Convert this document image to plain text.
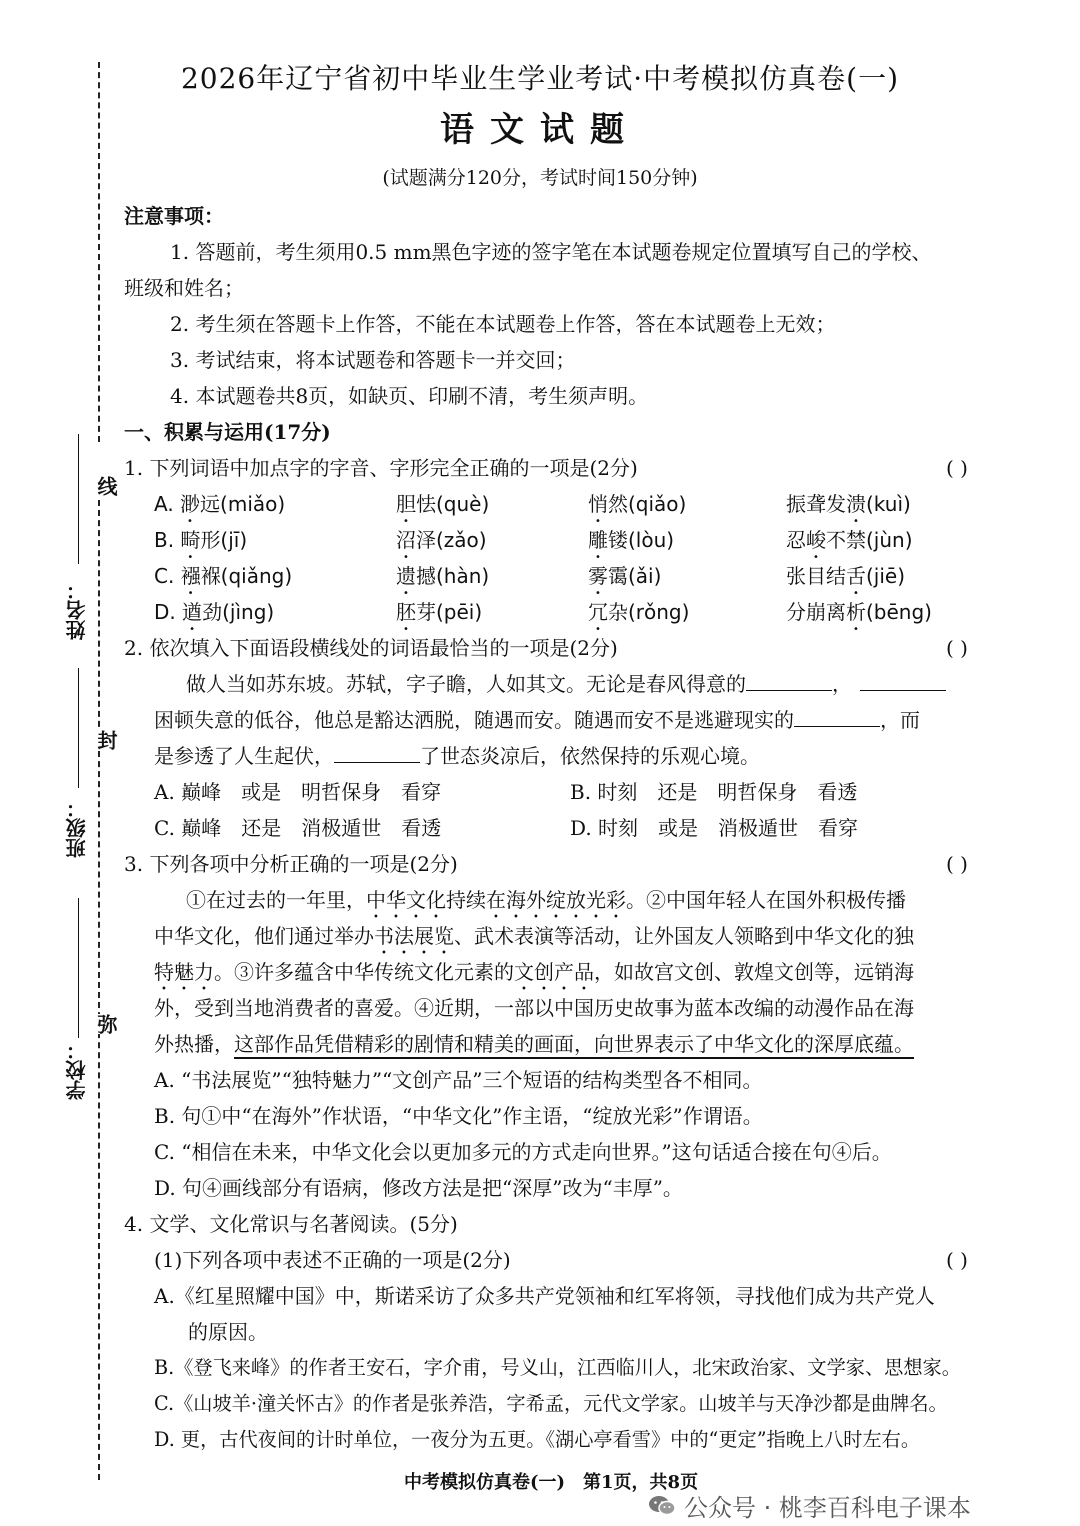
线
封
弥
姓名：
班级：
学校：
2026年辽宁省初中毕业生学业考试·中考模拟仿真卷(一)
语文试题
(试题满分120分，考试时间150分钟)
注意事项：
1. 答题前，考生须用0.5 mm黑色字迹的签字笔在本试题卷规定位置填写自己的学校、
班级和姓名；
2. 考生须在答题卡上作答，不能在本试题卷上作答，答在本试题卷上无效；
3. 考试结束，将本试题卷和答题卡一并交回；
4. 本试题卷共8页，如缺页、印刷不清，考生须声明。
一、积累与运用(17分)
1. 下列词语中加点字的字音、字形完全正确的一项是(2分)	( )
A. 渺远(miǎo)	胆怯(què)	悄然(qiǎo)	振聋发溃(kuì)
B. 畸形(jī)	沼泽(zǎo)	雕镂(lòu)	忍峻不禁(jùn)
C. 襁褓(qiǎng)	遗撼(hàn)	雾霭(ǎi)	张目结舌(jiē)
D. 遒劲(jìng)	胚芽(pēi)	冗杂(rǒng)	分崩离析(bēng)
2. 依次填入下面语段横线处的词语最恰当的一项是(2分)	( )
做人当如苏东坡。苏轼，字子瞻，人如其文。无论是春风得意的	，
困顿失意的低谷，他总是豁达洒脱，随遇而安。随遇而安不是逃避现实的	，而
是参透了人生起伏，	了世态炎凉后，依然保持的乐观心境。
A. 巅峰　或是　明哲保身　看穿	B. 时刻　还是　明哲保身　看透
C. 巅峰　还是　消极遁世　看透	D. 时刻　或是　消极遁世　看穿
3. 下列各项中分析正确的一项是(2分)	( )
①在过去的一年里，中华文化持续在海外绽放光彩。②中国年轻人在国外积极传播
中华文化，他们通过举办书法展览、武术表演等活动，让外国友人领略到中华文化的独
特魅力。③许多蕴含中华传统文化元素的文创产品，如故宫文创、敦煌文创等，远销海
外，受到当地消费者的喜爱。④近期，一部以中国历史故事为蓝本改编的动漫作品在海
外热播，这部作品凭借精彩的剧情和精美的画面，向世界表示了中华文化的深厚底蕴。
A. “书法展览”“独特魅力”“文创产品”三个短语的结构类型各不相同。
B. 句①中“在海外”作状语，“中华文化”作主语，“绽放光彩”作谓语。
C. “相信在未来，中华文化会以更加多元的方式走向世界。”这句话适合接在句④后。
D. 句④画线部分有语病，修改方法是把“深厚”改为“丰厚”。
4. 文学、文化常识与名著阅读。(5分)
(1)下列各项中表述不正确的一项是(2分)	( )
A.《红星照耀中国》中，斯诺采访了众多共产党领袖和红军将领，寻找他们成为共产党人
的原因。
B.《登飞来峰》的作者王安石，字介甫，号义山，江西临川人，北宋政治家、文学家、思想家。
C.《山坡羊·潼关怀古》的作者是张养浩，字希孟，元代文学家。山坡羊与天净沙都是曲牌名。
D. 更，古代夜间的计时单位，一夜分为五更。《湖心亭看雪》中的“更定”指晚上八时左右。
中考模拟仿真卷(一)　第1页，共8页
公众号 · 桃李百科电子课本
